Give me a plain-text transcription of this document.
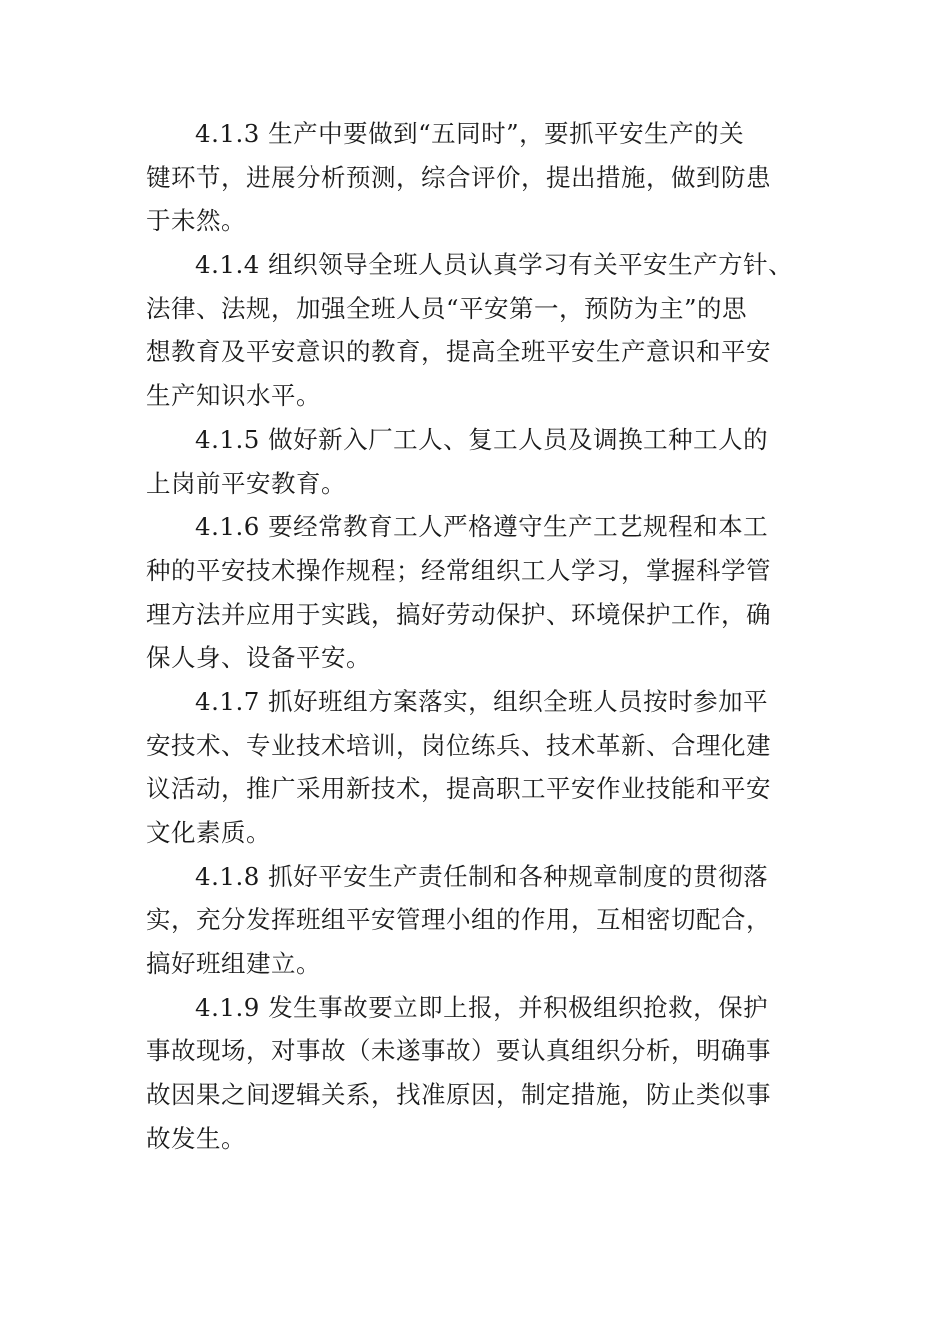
4.1.3 生产中要做到“五同时”，要抓平安生产的关
键环节，进展分析预测，综合评价，提出措施，做到防患
于未然。

4.1.4 组织领导全班人员认真学习有关平安生产方针、
法律、法规，加强全班人员“平安第一，预防为主”的思
想教育及平安意识的教育，提高全班平安生产意识和平安
生产知识水平。

4.1.5 做好新入厂工人、复工人员及调换工种工人的
上岗前平安教育。

4.1.6 要经常教育工人严格遵守生产工艺规程和本工
种的平安技术操作规程；经常组织工人学习，掌握科学管
理方法并应用于实践，搞好劳动保护、环境保护工作，确
保人身、设备平安。

4.1.7 抓好班组方案落实，组织全班人员按时参加平
安技术、专业技术培训，岗位练兵、技术革新、合理化建
议活动，推广采用新技术，提高职工平安作业技能和平安
文化素质。

4.1.8 抓好平安生产责任制和各种规章制度的贯彻落
实，充分发挥班组平安管理小组的作用，互相密切配合，
搞好班组建立。

4.1.9 发生事故要立即上报，并积极组织抢救，保护
事故现场，对事故（未遂事故）要认真组织分析，明确事
故因果之间逻辑关系，找准原因，制定措施，防止类似事
故发生。
